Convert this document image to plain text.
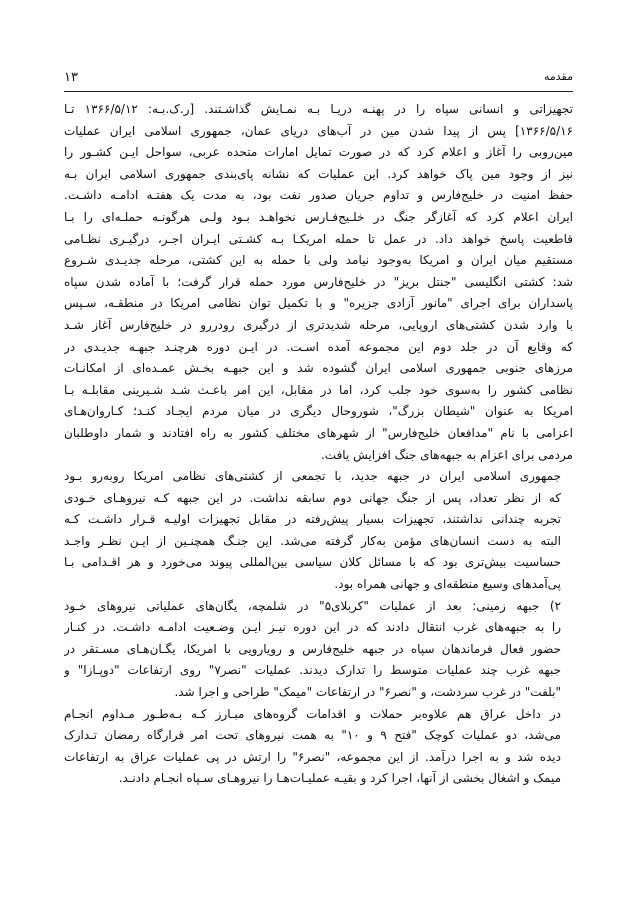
۱۳	مقدمه

تجهیزاتی و انسانی سپاه را در پهنـه دریـا بـه نمـایش گذاشـتند. [ر.ک.بـه: ۱۳۶۶/۵/۱۲ تـا
۱۳۶۶/۵/۱۶] پس از پیدا شدن مین در آب‌های دریای عمان، جمهوری اسلامی ایران عملیات
مین‌روبی را آغاز و اعلام کرد که در صورت تمایل امارات متحده عربی، سواحل ایـن کشـور را
نیز از وجود مین پاک خواهد کرد. این عملیات که نشانه پای‌بندی جمهوری اسلامی ایران بـه
حفظ امنیت در خلیج‌فارس و تداوم جریان صدور نفت بود، به مدت یک هفتـه ادامـه داشـت.
ایران اعلام کرد که آغازگر جنگ در خلـیج‌فـارس نخواهـد بـود ولـی هرگونـه حملـه‌ای را بـا
قاطعیت پاسخ خواهد داد. در عمل تا حمله امریکـا بـه کشـتی ایـران اجـر، درگیـری نظـامی
مستقیم میان ایران و امریکا به‌وجود نیامد ولی با حمله به این کشتی، مرحله جدیـدی شـروع
شد: کشتی انگلیسی "جنتل بریز" در خلیج‌فارس مورد حمله قرار گرفت؛ با آماده شدن سپاه
پاسداران برای اجرای "مانور آزادی جزیره" و با تکمیل توان نظامی امریکا در منطقـه، سـپس
با وارد شدن کشتی‌های اروپایی، مرحله شدیدتری از درگیری رودررو در خلیج‌فارس آغاز شـد
که وقایع آن در جلد دوم این مجموعه آمده اسـت. در ایـن دوره هرچنـد جبهـه جدیـدی در
مرزهای جنوبی جمهوری اسلامی ایران گشوده شد و این جبهـه بخـش عمـده‌ای از امکانـات
نظامی کشور را به‌سوی خود جلب کرد، اما در مقابل، این امر باعـث شـد شـیرینی مقابلـه بـا
امریکا به عنوان "شیطان بزرگ"، شوروحال دیگری در میان مردم ایجـاد کنـد؛ کـاروان‌هـای
اعزامی با نام "مدافعان خلیج‌فارس" از شهرهای مختلف کشور به راه افتادند و شمار داوطلبان
مردمی برای اعزام به جبهه‌های جنگ افزایش یافت.

جمهوری اسلامی ایران در جبهه جدید، با تجمعی از کشتی‌های نظامی امریکا روبه‌رو بـود
که از نظر تعداد، پس از جنگ جهانی دوم سابقه نداشت. در این جبهه کـه نیروهـای خـودی
تجربه چندانی نداشتند، تجهیزات بسیار پیش‌رفته در مقابل تجهیزات اولیـه قـرار داشـت کـه
البته به دست انسان‌های مؤمن به‌کار گرفته می‌شد. این جنـگ همچنـین از ایـن نظـر واجـد
حساسیت بیش‌تری بود که با مسائل کلان سیاسی بین‌المللی پیوند می‌خورد و هر اقـدامی بـا
پی‌آمدهای وسیع منطقه‌ای و جهانی همراه بود.

۲) جبهه زمینی: بعد از عملیات "کربلای۵" در شلمچه، یگان‌های عملیاتی نیروهای خـود
را به جبهه‌های غرب انتقال دادند که در این دوره نیـز ایـن وضـعیت ادامـه داشـت. در کنـار
حضور فعال فرماندهان سپاه در جبهه خلیج‌فارس و رویارویی با امریکا، یگـان‌هـای مسـتقر در
جبهه غرب چند عملیات متوسط را تدارک دیدند. عملیات "نصر۷" روی ارتفاعات "دوپـازا" و
"بلفت" در غرب سردشت، و "نصر۶" در ارتفاعات "میمک" طراحی و اجرا شد.

در داخل عراق هم علاوه‌بر حملات و اقدامات گروه‌های مبـارز کـه بـه‌طـور مـداوم انجـام
می‌شد، دو عملیات کوچک "فتح ۹ و ۱۰" به همت نیروهای تحت امر قرارگاه رمضان تـدارک
دیده شد و به اجرا درآمد. از این مجموعه، "نصر۶" را ارتش در پی عملیات عراق به ارتفاعات
میمک و اشغال بخشی از آنها، اجرا کرد و بقیـه عملیـات‌هـا را نیروهـای سـپاه انجـام دادنـد.
